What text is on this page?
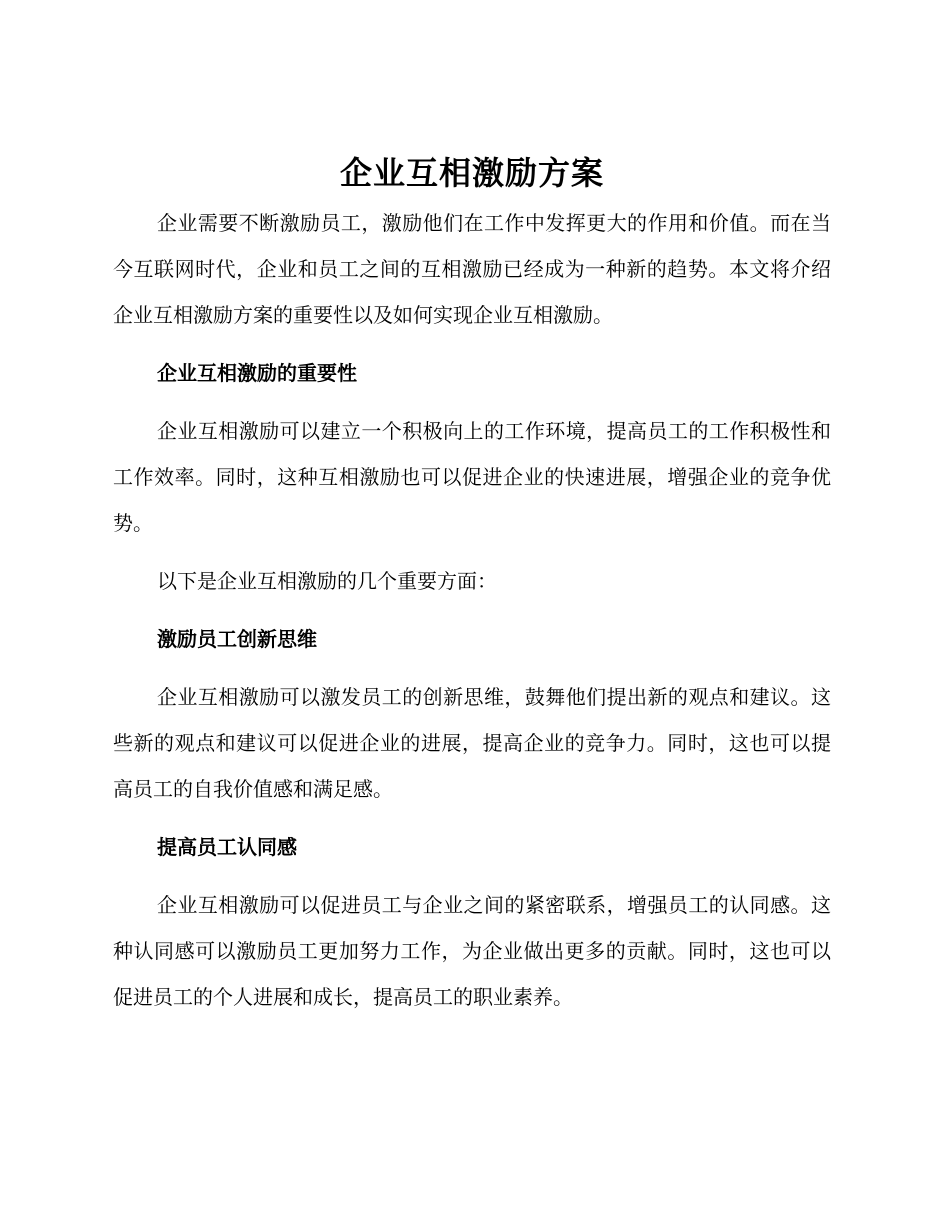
企业互相激励方案

企业需要不断激励员工，激励他们在工作中发挥更大的作用和价值。而在当今互联网时代，企业和员工之间的互相激励已经成为一种新的趋势。本文将介绍企业互相激励方案的重要性以及如何实现企业互相激励。

企业互相激励的重要性

企业互相激励可以建立一个积极向上的工作环境，提高员工的工作积极性和工作效率。同时，这种互相激励也可以促进企业的快速进展，增强企业的竞争优势。

以下是企业互相激励的几个重要方面：

激励员工创新思维

企业互相激励可以激发员工的创新思维，鼓舞他们提出新的观点和建议。这些新的观点和建议可以促进企业的进展，提高企业的竞争力。同时，这也可以提高员工的自我价值感和满足感。

提高员工认同感

企业互相激励可以促进员工与企业之间的紧密联系，增强员工的认同感。这种认同感可以激励员工更加努力工作，为企业做出更多的贡献。同时，这也可以促进员工的个人进展和成长，提高员工的职业素养。
